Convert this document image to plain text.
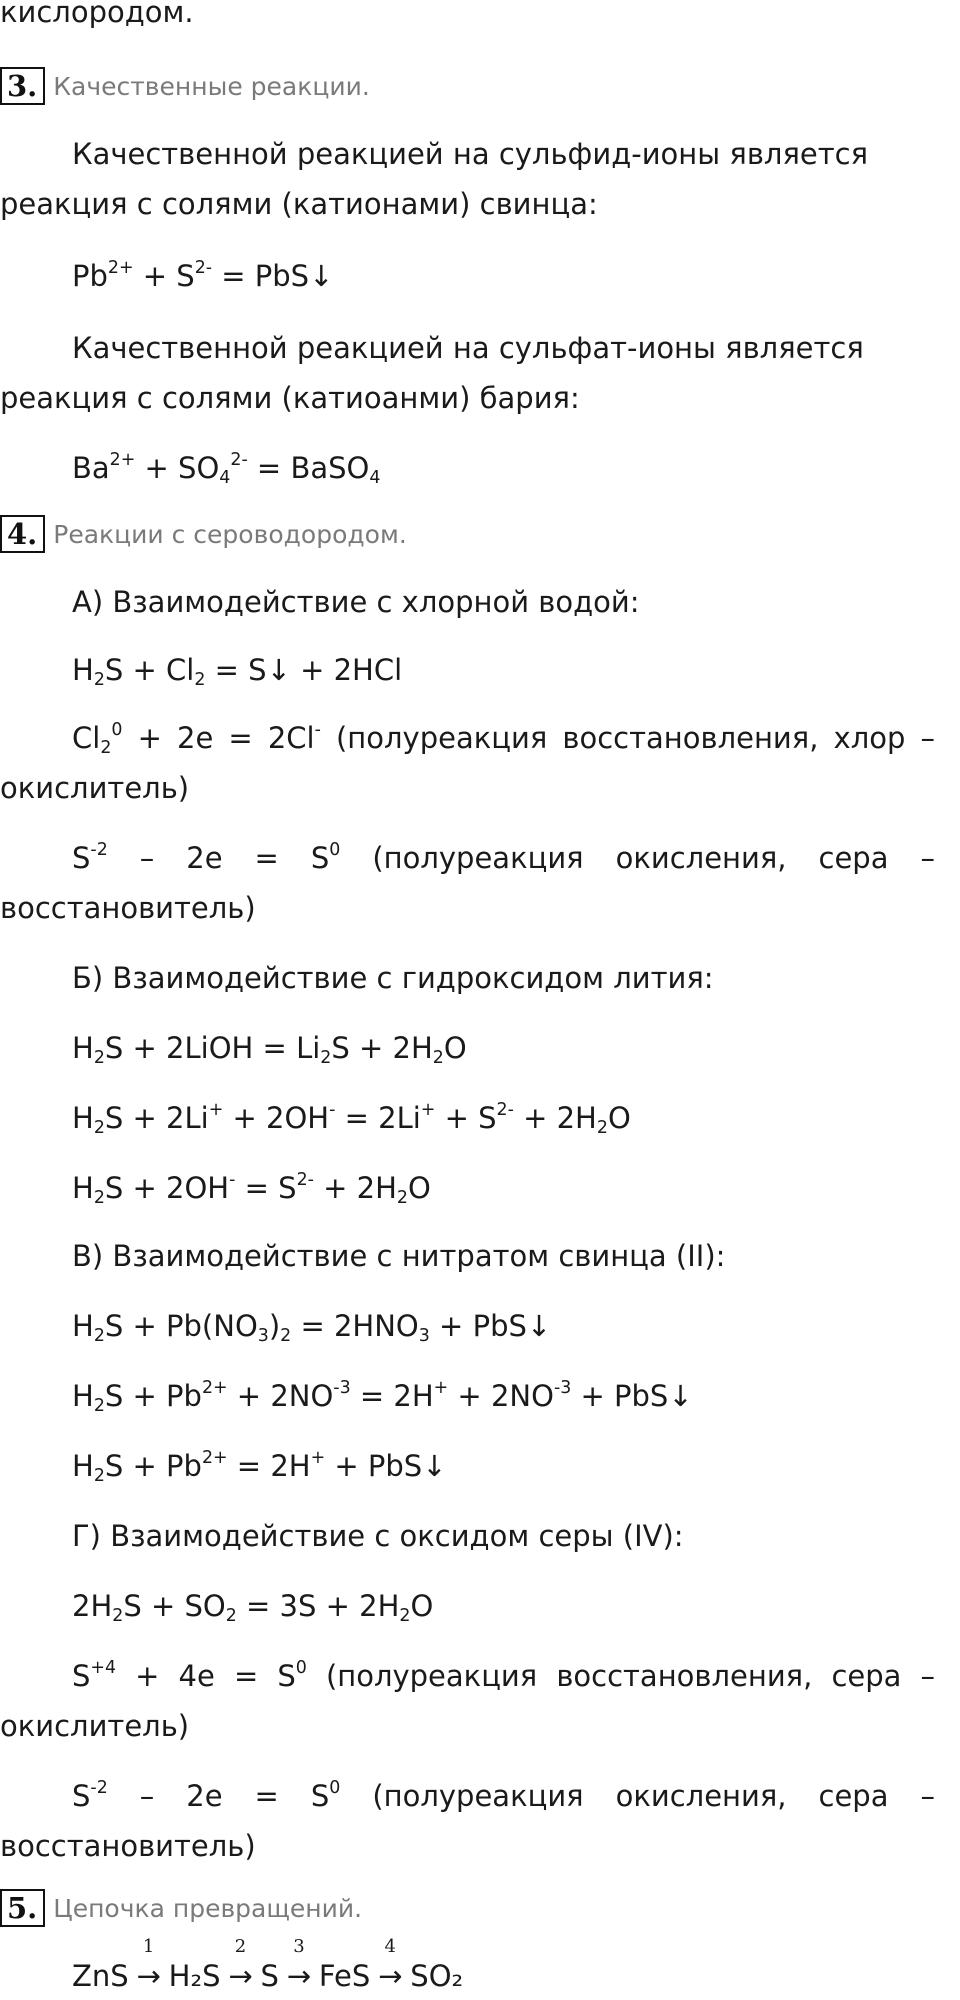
кислородом.
3. Качественные реакции.
Качественной реакцией на сульфид-ионы является
реакция с солями (катионами) свинца:
$Pb^{2+} + S^{2-}$ = PbS↓
Качественной реакцией на сульфат-ионы является
реакция с солями (катиоанми) бария:
$Ba^{2+} + SO_4^{2-}$ = BaSO$_4$
4. Реакции с сероводородом.
А) Взаимодействие с хлорной водой:
$H_2S + Cl_2$ = S↓ + 2HCl
$Cl_2^0 + 2e = 2Cl^-$ (полуреакция восстановления, хлор –
окислитель)
$S^{-2} - 2e = S^0$ (полуреакция окисления, сера –
восстановитель)
Б) Взаимодействие с гидроксидом лития:
$H_2S$ + 2LiOH = $Li_2S + 2H_2O$
$H_2S + 2Li^+ + 2OH^- = 2Li^+ + S^{2-} + 2H_2O$
$H_2S + 2OH^- = S^{2-} + 2H_2O$
В) Взаимодействие с нитратом свинца (II):
$H_2S + Pb(NO_3)_2 = 2HNO_3$ + PbS↓
$H_2S + Pb^{2+} + 2NO^{-3} = 2H^+ + 2NO^{-3}$ + PbS↓
$H_2S + Pb^{2+} = 2H^+$ + PbS↓
Г) Взаимодействие с оксидом серы (IV):
$2H_2S + SO_2 = 3S + 2H_2O$
$S^{+4} + 4e = S^0$ (полуреакция восстановления, сера –
окислитель)
$S^{-2} - 2e = S^0$ (полуреакция окисления, сера –
восстановитель)
5. Цепочка превращений.
ZnS
1
→ H₂S
2
→ S
3
→ FeS
4
→ SO₂
